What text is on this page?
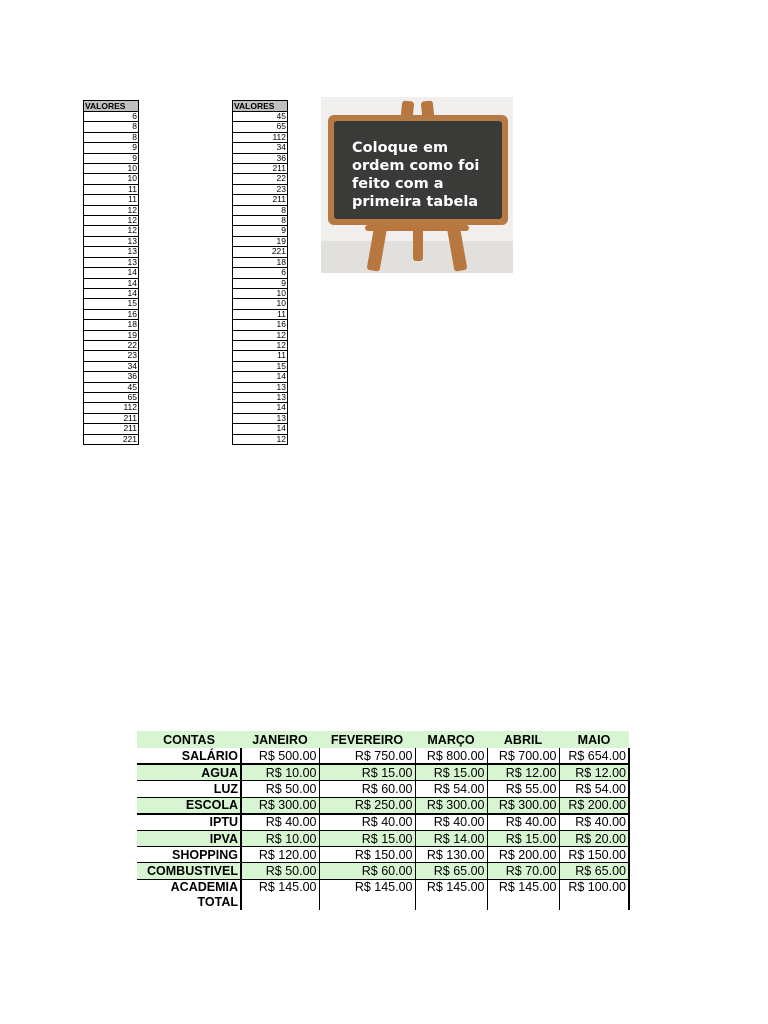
VALORES
6
8
8
9
9
10
10
11
11
12
12
12
13
13
13
14
14
14
15
16
18
19
22
23
34
36
45
65
112
211
211
221
VALORES
45
65
112
34
36
211
22
23
211
8
8
9
19
221
18
6
9
10
10
11
16
12
12
11
15
14
13
13
14
13
14
12
Coloque em ordem como foi feito com a primeira tabela
CONTAS	JANEIRO	FEVEREIRO	MARÇO	ABRIL	MAIO
SALÁRIO	R$ 500.00	R$ 750.00	R$ 800.00	R$ 700.00	R$ 654.00
AGUA	R$ 10.00	R$ 15.00	R$ 15.00	R$ 12.00	R$ 12.00
LUZ	R$ 50.00	R$ 60.00	R$ 54.00	R$ 55.00	R$ 54.00
ESCOLA	R$ 300.00	R$ 250.00	R$ 300.00	R$ 300.00	R$ 200.00
IPTU	R$ 40.00	R$ 40.00	R$ 40.00	R$ 40.00	R$ 40.00
IPVA	R$ 10.00	R$ 15.00	R$ 14.00	R$ 15.00	R$ 20.00
SHOPPING	R$ 120.00	R$ 150.00	R$ 130.00	R$ 200.00	R$ 150.00
COMBUSTIVEL	R$ 50.00	R$ 60.00	R$ 65.00	R$ 70.00	R$ 65.00
ACADEMIA	R$ 145.00	R$ 145.00	R$ 145.00	R$ 145.00	R$ 100.00
TOTAL					
